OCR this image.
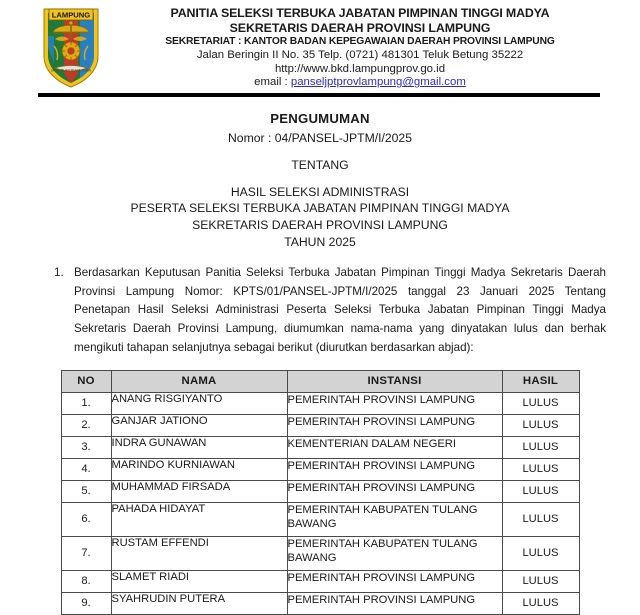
LAMPUNG
SANG BUMI RUWA JURAI
PANITIA SELEKSI TERBUKA JABATAN PIMPINAN TINGGI MADYA
SEKRETARIS DAERAH PROVINSI LAMPUNG
SEKRETARIAT : KANTOR BADAN KEPEGAWAIAN DAERAH PROVINSI LAMPUNG
Jalan Beringin II No. 35 Telp. (0721) 481301 Teluk Betung 35222
http://www.bkd.lampungprov.go.id
email : panseljptprovlampung@gmail.com
PENGUMUMAN
Nomor : 04/PANSEL-JPTM/I/2025
TENTANG
HASIL SELEKSI ADMINISTRASI
PESERTA SELEKSI TERBUKA JABATAN PIMPINAN TINGGI MADYA
SEKRETARIS DAERAH PROVINSI LAMPUNG
TAHUN 2025
1. Berdasarkan Keputusan Panitia Seleksi Terbuka Jabatan Pimpinan Tinggi Madya Sekretaris Daerah Provinsi Lampung Nomor: KPTS/01/PANSEL-JPTM/I/2025 tanggal 23 Januari 2025 Tentang Penetapan Hasil Seleksi Administrasi Peserta Seleksi Terbuka Jabatan Pimpinan Tinggi Madya Sekretaris Daerah Provinsi Lampung, diumumkan nama-nama yang dinyatakan lulus dan berhak mengikuti tahapan selanjutnya sebagai berikut (diurutkan berdasarkan abjad):
NO	NAMA	INSTANSI	HASIL
1.	ANANG RISGIYANTO	PEMERINTAH PROVINSI LAMPUNG	LULUS
2.	GANJAR JATIONO	PEMERINTAH PROVINSI LAMPUNG	LULUS
3.	INDRA GUNAWAN	KEMENTERIAN DALAM NEGERI	LULUS
4.	MARINDO KURNIAWAN	PEMERINTAH PROVINSI LAMPUNG	LULUS
5.	MUHAMMAD FIRSADA	PEMERINTAH PROVINSI LAMPUNG	LULUS
6.	PAHADA HIDAYAT	PEMERINTAH KABUPATEN TULANG BAWANG	LULUS
7.	RUSTAM EFFENDI	PEMERINTAH KABUPATEN TULANG BAWANG	LULUS
8.	SLAMET RIADI	PEMERINTAH PROVINSI LAMPUNG	LULUS
9.	SYAHRUDIN PUTERA	PEMERINTAH PROVINSI LAMPUNG	LULUS
